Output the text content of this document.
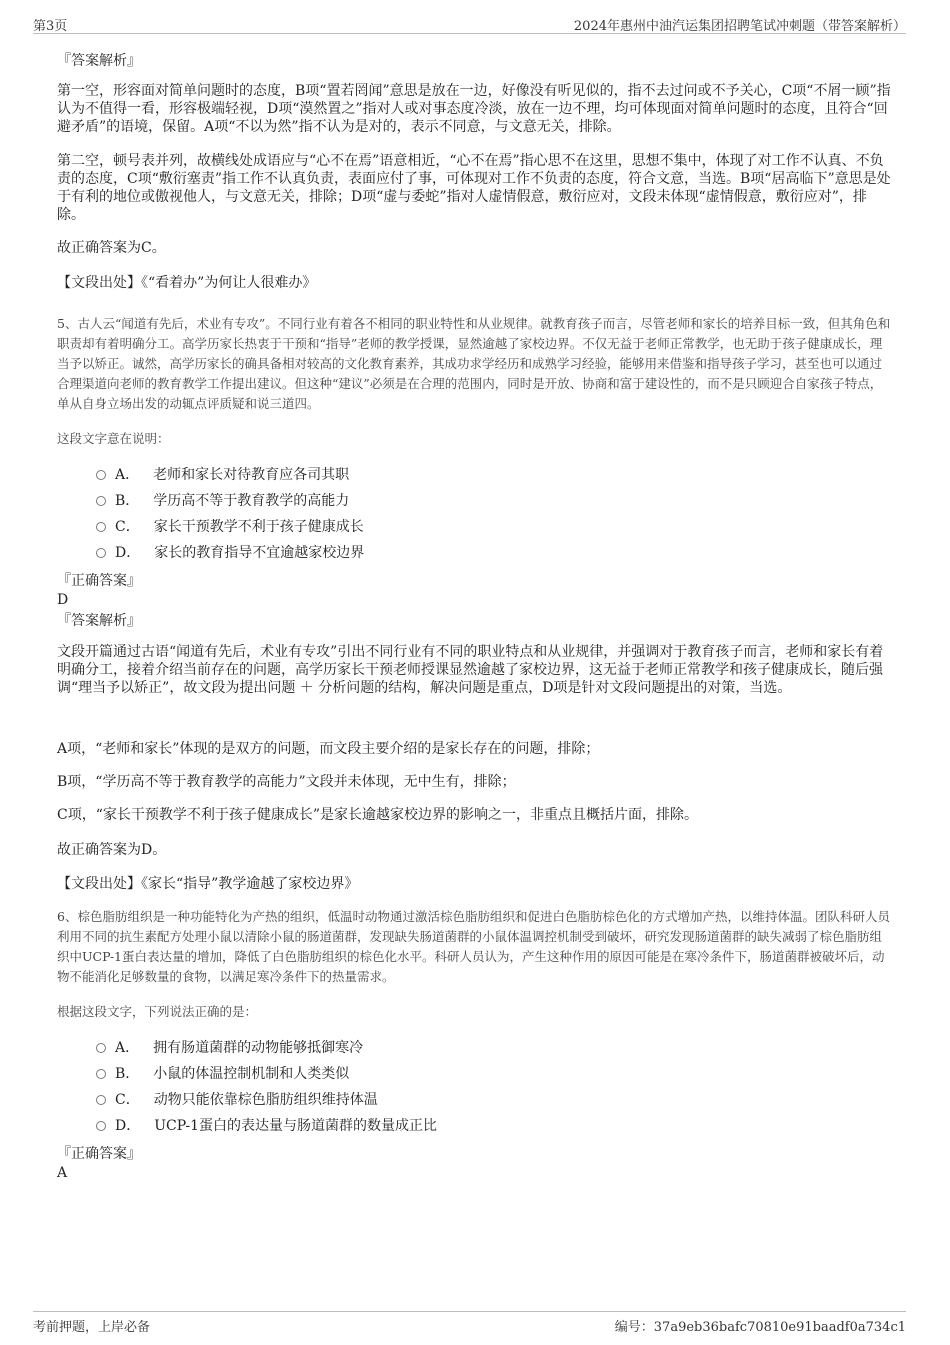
第3页	2024年惠州中油汽运集团招聘笔试冲刺题（带答案解析）
『答案解析』
第一空，形容面对简单问题时的态度，B项“置若罔闻”意思是放在一边，好像没有听见似的，指不去过问或不予关心，C项“不屑一顾”指认为不值得一看，形容极端轻视，D项“漠然置之”指对人或对事态度冷淡，放在一边不理，均可体现面对简单问题时的态度，且符合“回避矛盾”的语境，保留。A项“不以为然”指不认为是对的，表示不同意，与文意无关，排除。
第二空，顿号表并列，故横线处成语应与“心不在焉”语意相近，“心不在焉”指心思不在这里，思想不集中，体现了对工作不认真、不负责的态度，C项“敷衍塞责”指工作不认真负责，表面应付了事，可体现对工作不负责的态度，符合文意，当选。B项“居高临下”意思是处于有利的地位或傲视他人，与文意无关，排除；D项“虚与委蛇”指对人虚情假意，敷衍应对，文段未体现“虚情假意，敷衍应对”，排除。
故正确答案为C。
【文段出处】《“看着办”为何让人很难办》
5、古人云“闻道有先后，术业有专攻”。不同行业有着各不相同的职业特性和从业规律。就教育孩子而言，尽管老师和家长的培养目标一致，但其角色和职责却有着明确分工。高学历家长热衷于干预和“指导”老师的教学授课，显然逾越了家校边界。不仅无益于老师正常教学，也无助于孩子健康成长，理当予以矫正。诚然，高学历家长的确具备相对较高的文化教育素养，其成功求学经历和成熟学习经验，能够用来借鉴和指导孩子学习，甚至也可以通过合理渠道向老师的教育教学工作提出建议。但这种“建议”必须是在合理的范围内，同时是开放、协商和富于建设性的，而不是只顾迎合自家孩子特点，单从自身立场出发的动辄点评质疑和说三道四。
这段文字意在说明：
A． 老师和家长对待教育应各司其职
B． 学历高不等于教育教学的高能力
C． 家长干预教学不利于孩子健康成长
D． 家长的教育指导不宜逾越家校边界
『正确答案』
D
『答案解析』
文段开篇通过古语“闻道有先后，术业有专攻”引出不同行业有不同的职业特点和从业规律，并强调对于教育孩子而言，老师和家长有着明确分工，接着介绍当前存在的问题，高学历家长干预老师授课显然逾越了家校边界，这无益于老师正常教学和孩子健康成长，随后强调“理当予以矫正”，故文段为提出问题 ＋ 分析问题的结构，解决问题是重点，D项是针对文段问题提出的对策，当选。
A项，“老师和家长”体现的是双方的问题，而文段主要介绍的是家长存在的问题，排除；
B项，“学历高不等于教育教学的高能力”文段并未体现，无中生有，排除；
C项，“家长干预教学不利于孩子健康成长”是家长逾越家校边界的影响之一，非重点且概括片面，排除。
故正确答案为D。
【文段出处】《家长“指导”教学逾越了家校边界》
6、棕色脂肪组织是一种功能特化为产热的组织，低温时动物通过激活棕色脂肪组织和促进白色脂肪棕色化的方式增加产热，以维持体温。团队科研人员利用不同的抗生素配方处理小鼠以清除小鼠的肠道菌群，发现缺失肠道菌群的小鼠体温调控机制受到破坏，研究发现肠道菌群的缺失减弱了棕色脂肪组织中UCP-1蛋白表达量的增加，降低了白色脂肪组织的棕色化水平。科研人员认为，产生这种作用的原因可能是在寒冷条件下，肠道菌群被破坏后，动物不能消化足够数量的食物，以满足寒冷条件下的热量需求。
根据这段文字，下列说法正确的是：
A． 拥有肠道菌群的动物能够抵御寒冷
B． 小鼠的体温控制机制和人类类似
C． 动物只能依靠棕色脂肪组织维持体温
D． UCP-1蛋白的表达量与肠道菌群的数量成正比
『正确答案』
A
考前押题，上岸必备	编号：37a9eb36bafc70810e91baadf0a734c1
